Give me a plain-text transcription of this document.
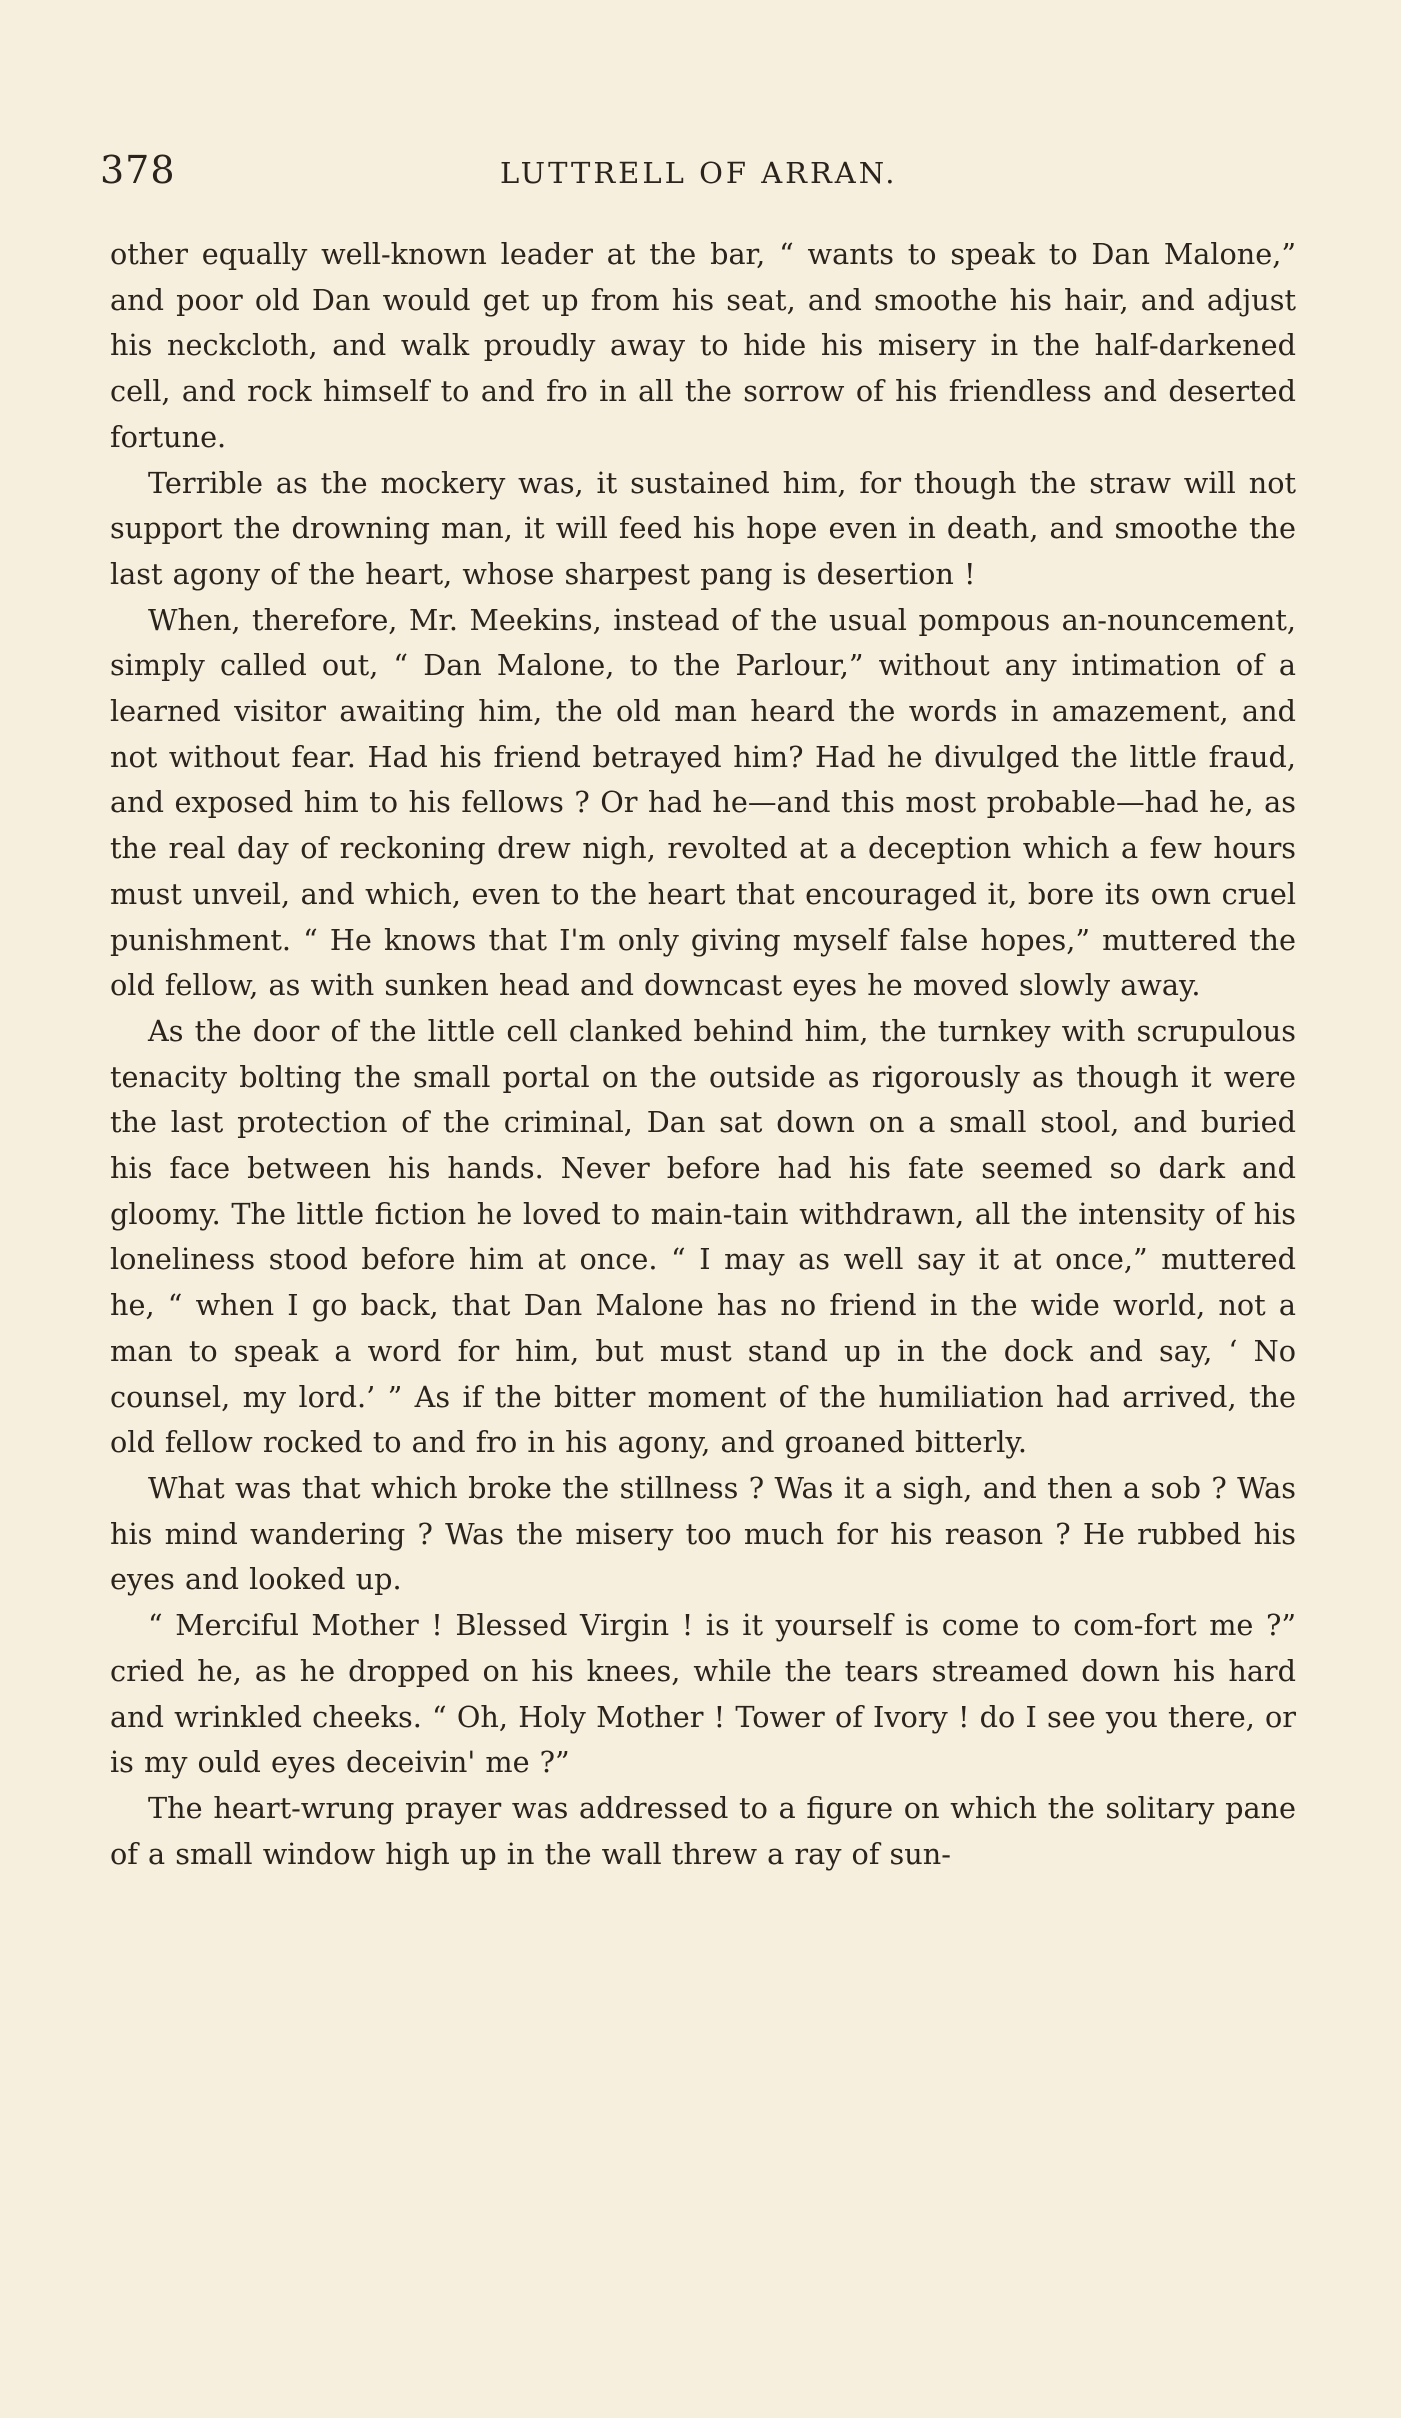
378	LUTTRELL OF ARRAN.

other equally well-known leader at the bar, “ wants to speak to Dan Malone,” and poor old Dan would get up from his seat, and smoothe his hair, and adjust his neckcloth, and walk proudly away to hide his misery in the half-darkened cell, and rock himself to and fro in all the sorrow of his friendless and deserted fortune.

Terrible as the mockery was, it sustained him, for though the straw will not support the drowning man, it will feed his hope even in death, and smoothe the last agony of the heart, whose sharpest pang is desertion !

When, therefore, Mr. Meekins, instead of the usual pompous an-nouncement, simply called out, “ Dan Malone, to the Parlour,” without any intimation of a learned visitor awaiting him, the old man heard the words in amazement, and not without fear. Had his friend betrayed him? Had he divulged the little fraud, and exposed him to his fellows ? Or had he—and this most probable—had he, as the real day of reckoning drew nigh, revolted at a deception which a few hours must unveil, and which, even to the heart that encouraged it, bore its own cruel punishment. “ He knows that I'm only giving myself false hopes,” muttered the old fellow, as with sunken head and downcast eyes he moved slowly away.

As the door of the little cell clanked behind him, the turnkey with scrupulous tenacity bolting the small portal on the outside as rigorously as though it were the last protection of the criminal, Dan sat down on a small stool, and buried his face between his hands. Never before had his fate seemed so dark and gloomy. The little fiction he loved to main-tain withdrawn, all the intensity of his loneliness stood before him at once. “ I may as well say it at once,” muttered he, “ when I go back, that Dan Malone has no friend in the wide world, not a man to speak a word for him, but must stand up in the dock and say, ‘ No counsel, my lord.’ ” As if the bitter moment of the humiliation had arrived, the old fellow rocked to and fro in his agony, and groaned bitterly.

What was that which broke the stillness ? Was it a sigh, and then a sob ? Was his mind wandering ? Was the misery too much for his reason ? He rubbed his eyes and looked up.

“ Merciful Mother ! Blessed Virgin ! is it yourself is come to com-fort me ?” cried he, as he dropped on his knees, while the tears streamed down his hard and wrinkled cheeks. “ Oh, Holy Mother ! Tower of Ivory ! do I see you there, or is my ould eyes deceivin' me ?”

The heart-wrung prayer was addressed to a figure on which the solitary pane of a small window high up in the wall threw a ray of sun-
